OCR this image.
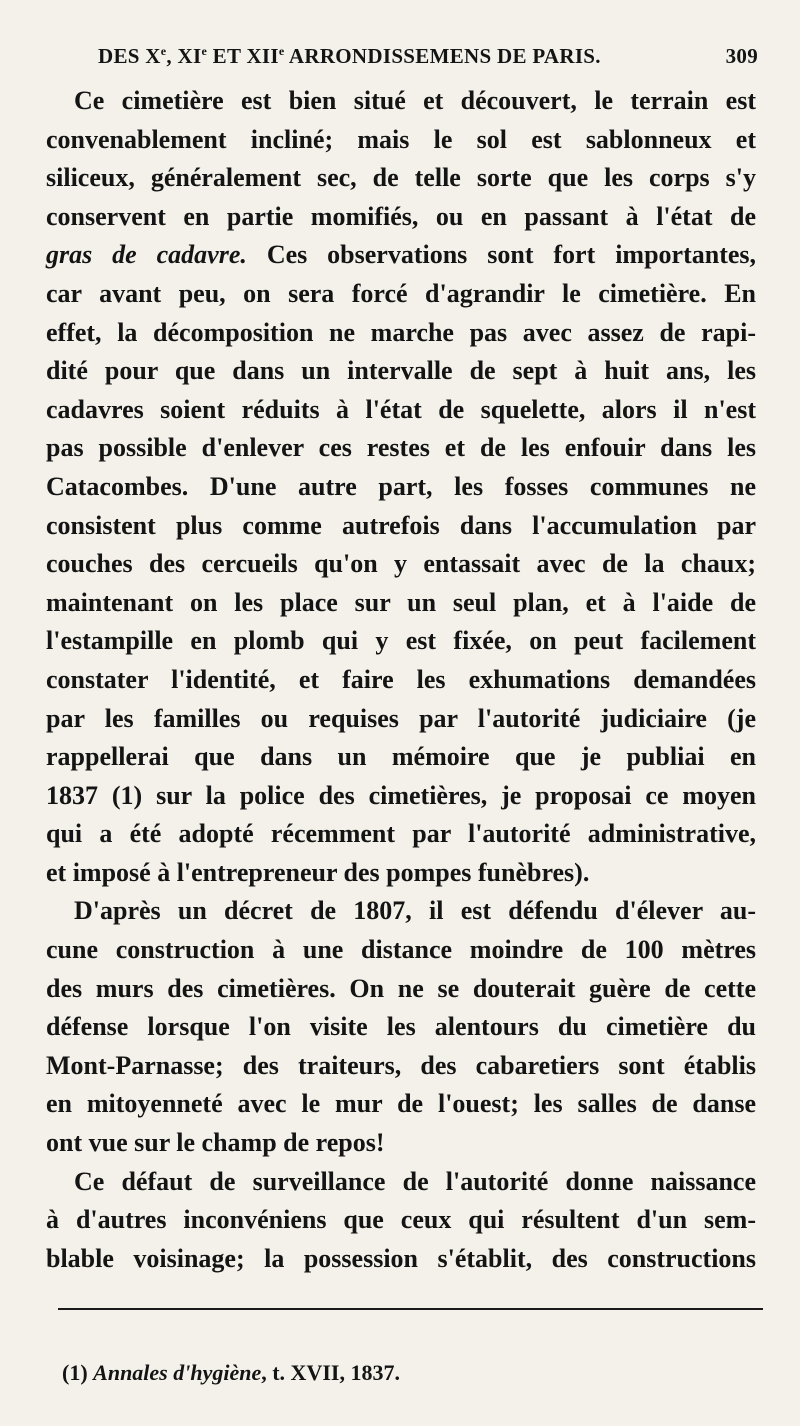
DES Xe, XIe ET XIIe ARRONDISSEMENS DE PARIS.	309
Ce cimetière est bien situé et découvert, le terrain est
convenablement incliné; mais le sol est sablonneux et
siliceux, généralement sec, de telle sorte que les corps s'y
conservent en partie momifiés, ou en passant à l'état de
gras de cadavre. Ces observations sont fort importantes,
car avant peu, on sera forcé d'agrandir le cimetière. En
effet, la décomposition ne marche pas avec assez de rapi-
dité pour que dans un intervalle de sept à huit ans, les
cadavres soient réduits à l'état de squelette, alors il n'est
pas possible d'enlever ces restes et de les enfouir dans les
Catacombes. D'une autre part, les fosses communes ne
consistent plus comme autrefois dans l'accumulation par
couches des cercueils qu'on y entassait avec de la chaux;
maintenant on les place sur un seul plan, et à l'aide de
l'estampille en plomb qui y est fixée, on peut facilement
constater l'identité, et faire les exhumations demandées
par les familles ou requises par l'autorité judiciaire (je
rappellerai que dans un mémoire que je publiai en
1837 (1) sur la police des cimetières, je proposai ce moyen
qui a été adopté récemment par l'autorité administrative,
et imposé à l'entrepreneur des pompes funèbres).
D'après un décret de 1807, il est défendu d'élever au-
cune construction à une distance moindre de 100 mètres
des murs des cimetières. On ne se douterait guère de cette
défense lorsque l'on visite les alentours du cimetière du
Mont-Parnasse; des traiteurs, des cabaretiers sont établis
en mitoyenneté avec le mur de l'ouest; les salles de danse
ont vue sur le champ de repos!
Ce défaut de surveillance de l'autorité donne naissance
à d'autres inconvéniens que ceux qui résultent d'un sem-
blable voisinage; la possession s'établit, des constructions
(1) Annales d'hygiène, t. XVII, 1837.
